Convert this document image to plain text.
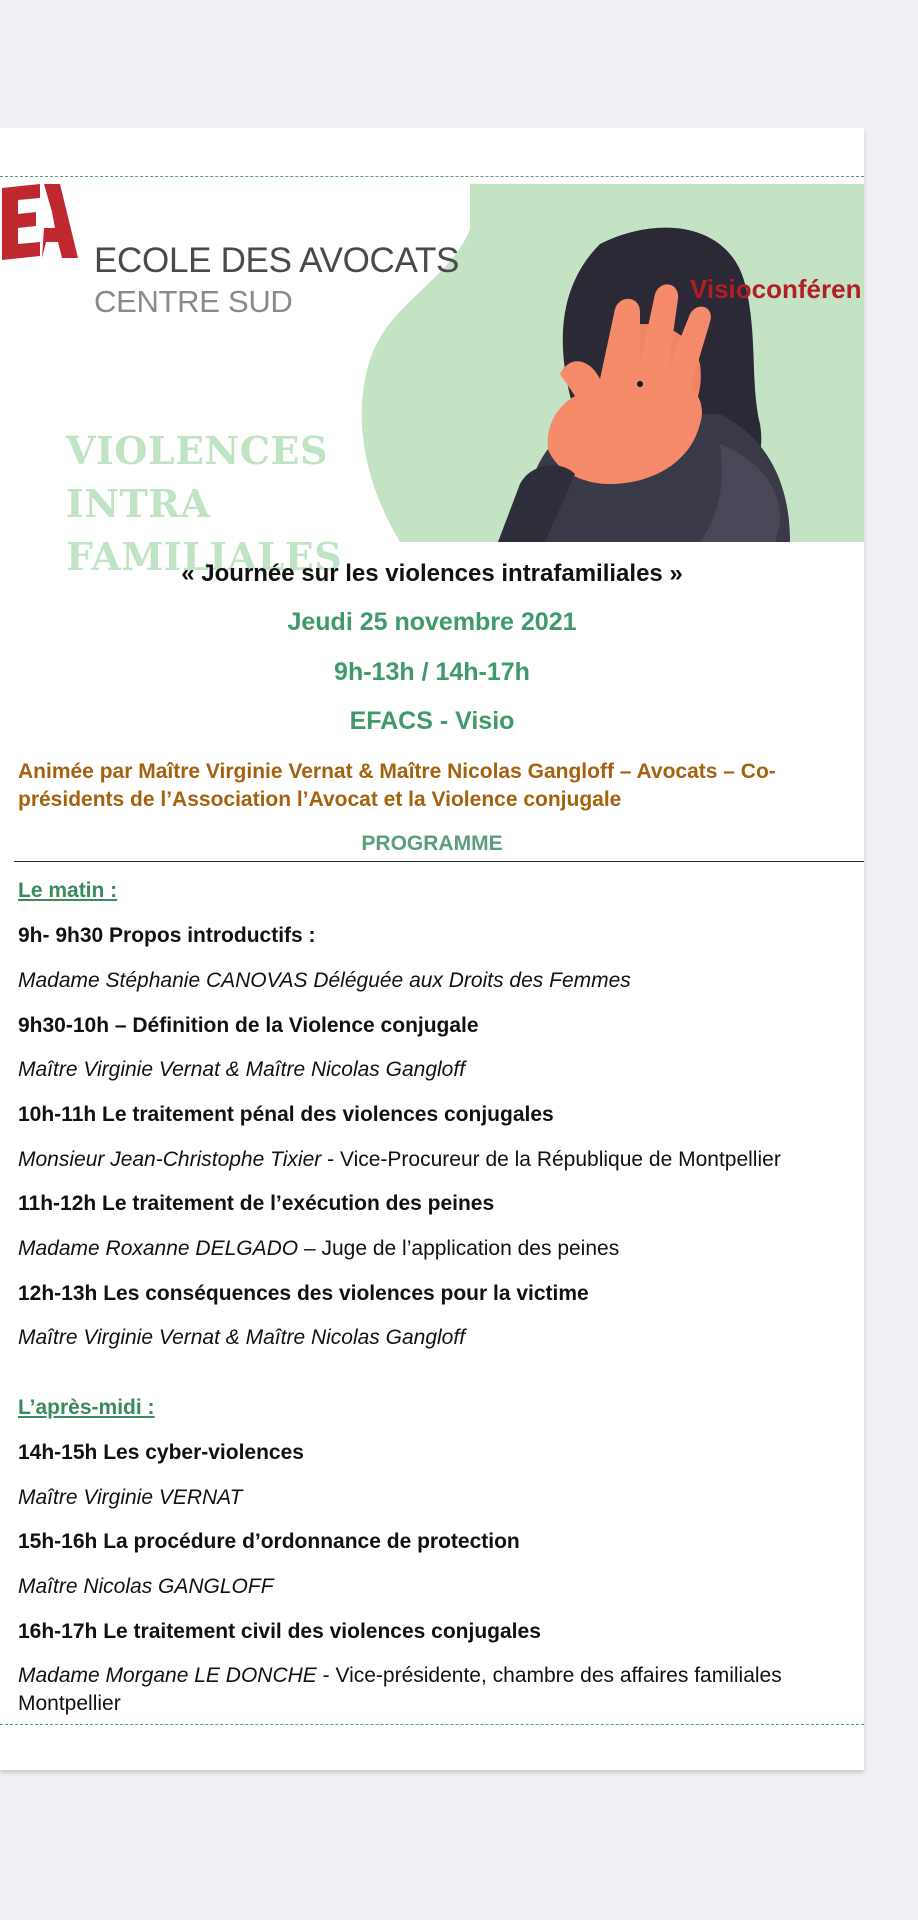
ECOLE DES AVOCATS
CENTRE SUD	Visioconféren
VIOLENCES
INTRA
FAMILIALES
« Journée sur les violences intrafamiliales »
Jeudi 25 novembre 2021
9h-13h / 14h-17h
EFACS - Visio
Animée par Maître Virginie Vernat & Maître Nicolas Gangloff – Avocats – Co-
présidents de l’Association l’Avocat et la Violence conjugale
PROGRAMME
Le matin :
9h- 9h30 Propos introductifs :
Madame Stéphanie CANOVAS Déléguée aux Droits des Femmes
9h30-10h – Définition de la Violence conjugale
Maître Virginie Vernat & Maître Nicolas Gangloff
10h-11h Le traitement pénal des violences conjugales
Monsieur Jean-Christophe Tixier - Vice-Procureur de la République de Montpellier
11h-12h Le traitement de l’exécution des peines
Madame Roxanne DELGADO – Juge de l’application des peines
12h-13h Les conséquences des violences pour la victime
Maître Virginie Vernat & Maître Nicolas Gangloff
L’après-midi :
14h-15h Les cyber-violences
Maître Virginie VERNAT
15h-16h La procédure d’ordonnance de protection
Maître Nicolas GANGLOFF
16h-17h Le traitement civil des violences conjugales
Madame Morgane LE DONCHE - Vice-présidente, chambre des affaires familiales
Montpellier
